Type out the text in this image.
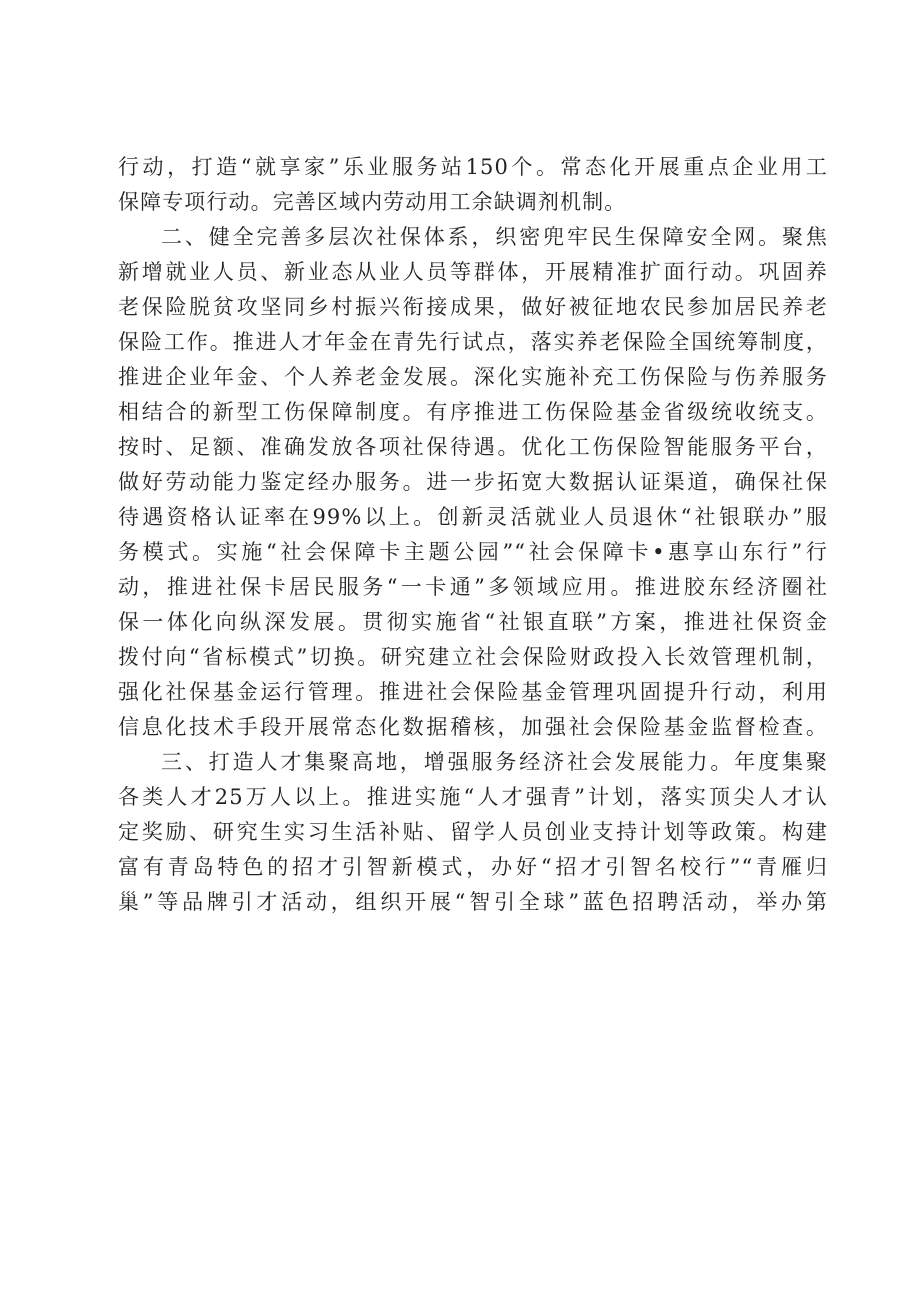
行动，打造“就享家”乐业服务站150个。常态化开展重点企业用工
保障专项行动。完善区域内劳动用工余缺调剂机制。
二、健全完善多层次社保体系，织密兜牢民生保障安全网。聚焦
新增就业人员、新业态从业人员等群体，开展精准扩面行动。巩固养
老保险脱贫攻坚同乡村振兴衔接成果，做好被征地农民参加居民养老
保险工作。推进人才年金在青先行试点，落实养老保险全国统筹制度，
推进企业年金、个人养老金发展。深化实施补充工伤保险与伤养服务
相结合的新型工伤保障制度。有序推进工伤保险基金省级统收统支。
按时、足额、准确发放各项社保待遇。优化工伤保险智能服务平台，
做好劳动能力鉴定经办服务。进一步拓宽大数据认证渠道，确保社保
待遇资格认证率在99%以上。创新灵活就业人员退休“社银联办”服
务模式。实施“社会保障卡主题公园”“社会保障卡•惠享山东行”行
动，推进社保卡居民服务“一卡通”多领域应用。推进胶东经济圈社
保一体化向纵深发展。贯彻实施省“社银直联”方案，推进社保资金
拨付向“省标模式”切换。研究建立社会保险财政投入长效管理机制，
强化社保基金运行管理。推进社会保险基金管理巩固提升行动，利用
信息化技术手段开展常态化数据稽核，加强社会保险基金监督检查。
三、打造人才集聚高地，增强服务经济社会发展能力。年度集聚
各类人才25万人以上。推进实施“人才强青”计划，落实顶尖人才认
定奖励、研究生实习生活补贴、留学人员创业支持计划等政策。构建
富有青岛特色的招才引智新模式，办好“招才引智名校行”“青雁归
巢”等品牌引才活动，组织开展“智引全球”蓝色招聘活动，举办第
